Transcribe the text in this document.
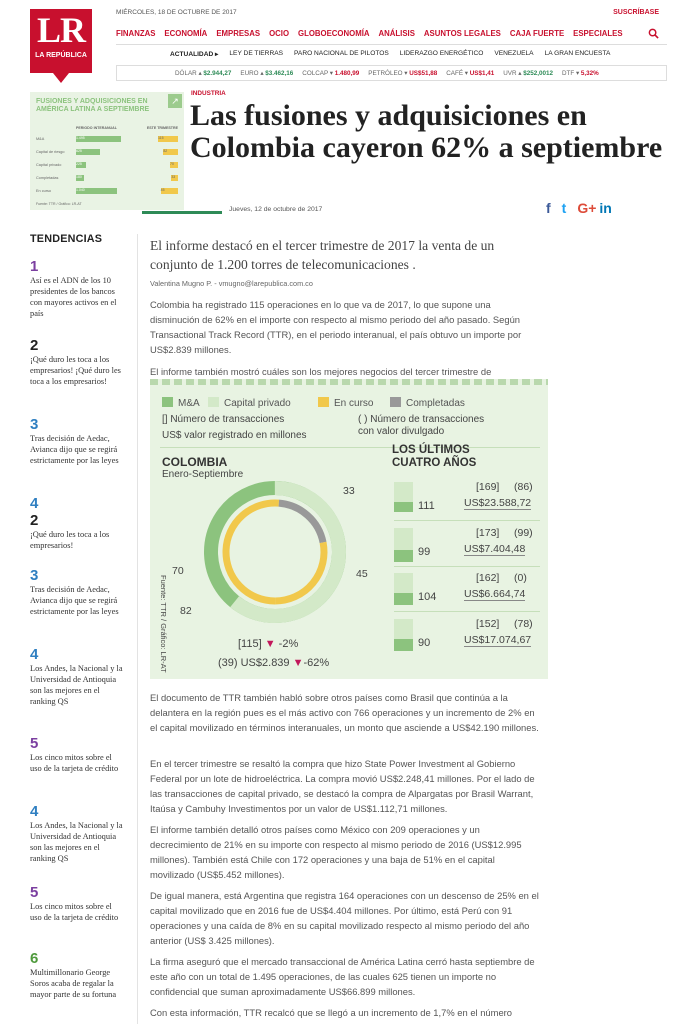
LR
LA REPÚBLICA
MIÉRCOLES, 18 DE OCTUBRE DE 2017	SUSCRÍBASE
FINANZAS ECONOMÍA EMPRESAS OCIO GLOBOECONOMÍA ANÁLISIS ASUNTOS LEGALES CAJA FUERTE ESPECIALES
ACTUALIDAD ▸ LEY DE TIERRAS PARO NACIONAL DE PILOTOS LIDERAZGO ENERGÉTICO VENEZUELA LA GRAN ENCUESTA
DÓLAR ▴ $2.944,27 EURO ▴ $3.462,16 COLCAP ▾ 1.480,99 PETRÓLEO ▾ US$51,88 CAFÉ ▾ US$1,41 UVR ▴ $252,0012 DTF ▾ 5,32%
FUSIONES Y ADQUISICIONES EN AMÉRICA LATINA A SEPTIEMBRE
↗
PERIODO INTERANUAL	ESTE TRIMESTRE
M&A	1.495	115
Capital de riesgo	625	82
Capital privado	225	70
Completadas	180	33
En curso	1.040	45
Fuente: TTR / Gráfico: LR-AT
INDUSTRIA
Las fusiones y adquisiciones en Colombia cayeron 62% a septiembre
Jueves, 12 de octubre de 2017	f t G+ in
TENDENCIAS
1
Así es el ADN de los 10 presidentes de los bancos con mayores activos en el país
2
¡Qué duro les toca a los empresarios! ¡Qué duro les toca a los empresarios!
3
Tras decisión de Aedac, Avianca dijo que se regirá estrictamente por las leyes
4
2
¡Qué duro les toca a los empresarios!
3
Tras decisión de Aedac, Avianca dijo que se regirá estrictamente por las leyes
4
Los Andes, la Nacional y la Universidad de Antioquia son las mejores en el ranking QS
5
Los cinco mitos sobre el uso de la tarjeta de crédito
4
Los Andes, la Nacional y la Universidad de Antioquia son las mejores en el ranking QS
5
Los cinco mitos sobre el uso de la tarjeta de crédito
6
Multimillonario George Soros acaba de regalar la mayor parte de su fortuna
El informe destacó en el tercer trimestre de 2017 la venta de un conjunto de 1.200 torres de telecomunicaciones .
Valentina Mugno P. - vmugno@larepublica.com.co

Colombia ha registrado 115 operaciones en lo que va de 2017, lo que supone una disminución de 62% en el importe con respecto al mismo periodo del año pasado. Según Transactional Track Record (TTR), en el periodo interanual, el país obtuvo un importe por US$2.839 millones.

El informe también mostró cuáles son los mejores negocios del tercer trimestre de

M&A	Capital privado	En curso	Completadas
[] Número de transacciones
US$ valor registrado en millones
( ) Número de transacciones
con valor divulgado
COLOMBIA
Enero-Septiembre
33
45
70
82
Fuente: TTR / Gráfico: LR-AT	[115] ▼ -2%
(39) US$2.839 ▼-62%
LOS ÚLTIMOS
CUATRO AÑOS
111
[169] (86)
US$23.588,72
99
[173] (99)
US$7.404,48
104
[162] (0)
US$6.664,74
90
[152] (78)
US$17.074,67

El documento de TTR también habló sobre otros países como Brasil que continúa a la delantera en la región pues es el más activo con 766 operaciones y un incremento de 2% en el capital movilizado en términos interanuales, un monto que asciende a US$42.190 millones.

En el tercer trimestre se resaltó la compra que hizo State Power Investment al Gobierno Federal por un lote de hidroeléctrica. La compra movió US$2.248,41 millones. Por el lado de las transacciones de capital privado, se destacó la compra de Alpargatas por Brasil Warrant, Itaúsa y Cambuhy Investimentos por un valor de US$1.112,71 millones.

El informe también detalló otros países como México con 209 operaciones y un decrecimiento de 21% en su importe con respecto al mismo periodo de 2016 (US$12.995 millones). También está Chile con 172 operaciones y una baja de 51% en el capital movilizado (US$5.452 millones).

De igual manera, está Argentina que registra 164 operaciones con un descenso de 25% en el capital movilizado que en 2016 fue de US$4.404 millones. Por último, está Perú con 91 operaciones y una caída de 8% en su capital movilizado respecto al mismo periodo del año anterior (US$ 3.425 millones).

La firma aseguró que el mercado transaccional de América Latina cerró hasta septiembre de este año con un total de 1.495 operaciones, de las cuales 625 tienen un importe no confidencial que suman aproximadamente US$66.899 millones.

Con esta información, TTR recalcó que se llegó a un incremento de 1,7% en el número
